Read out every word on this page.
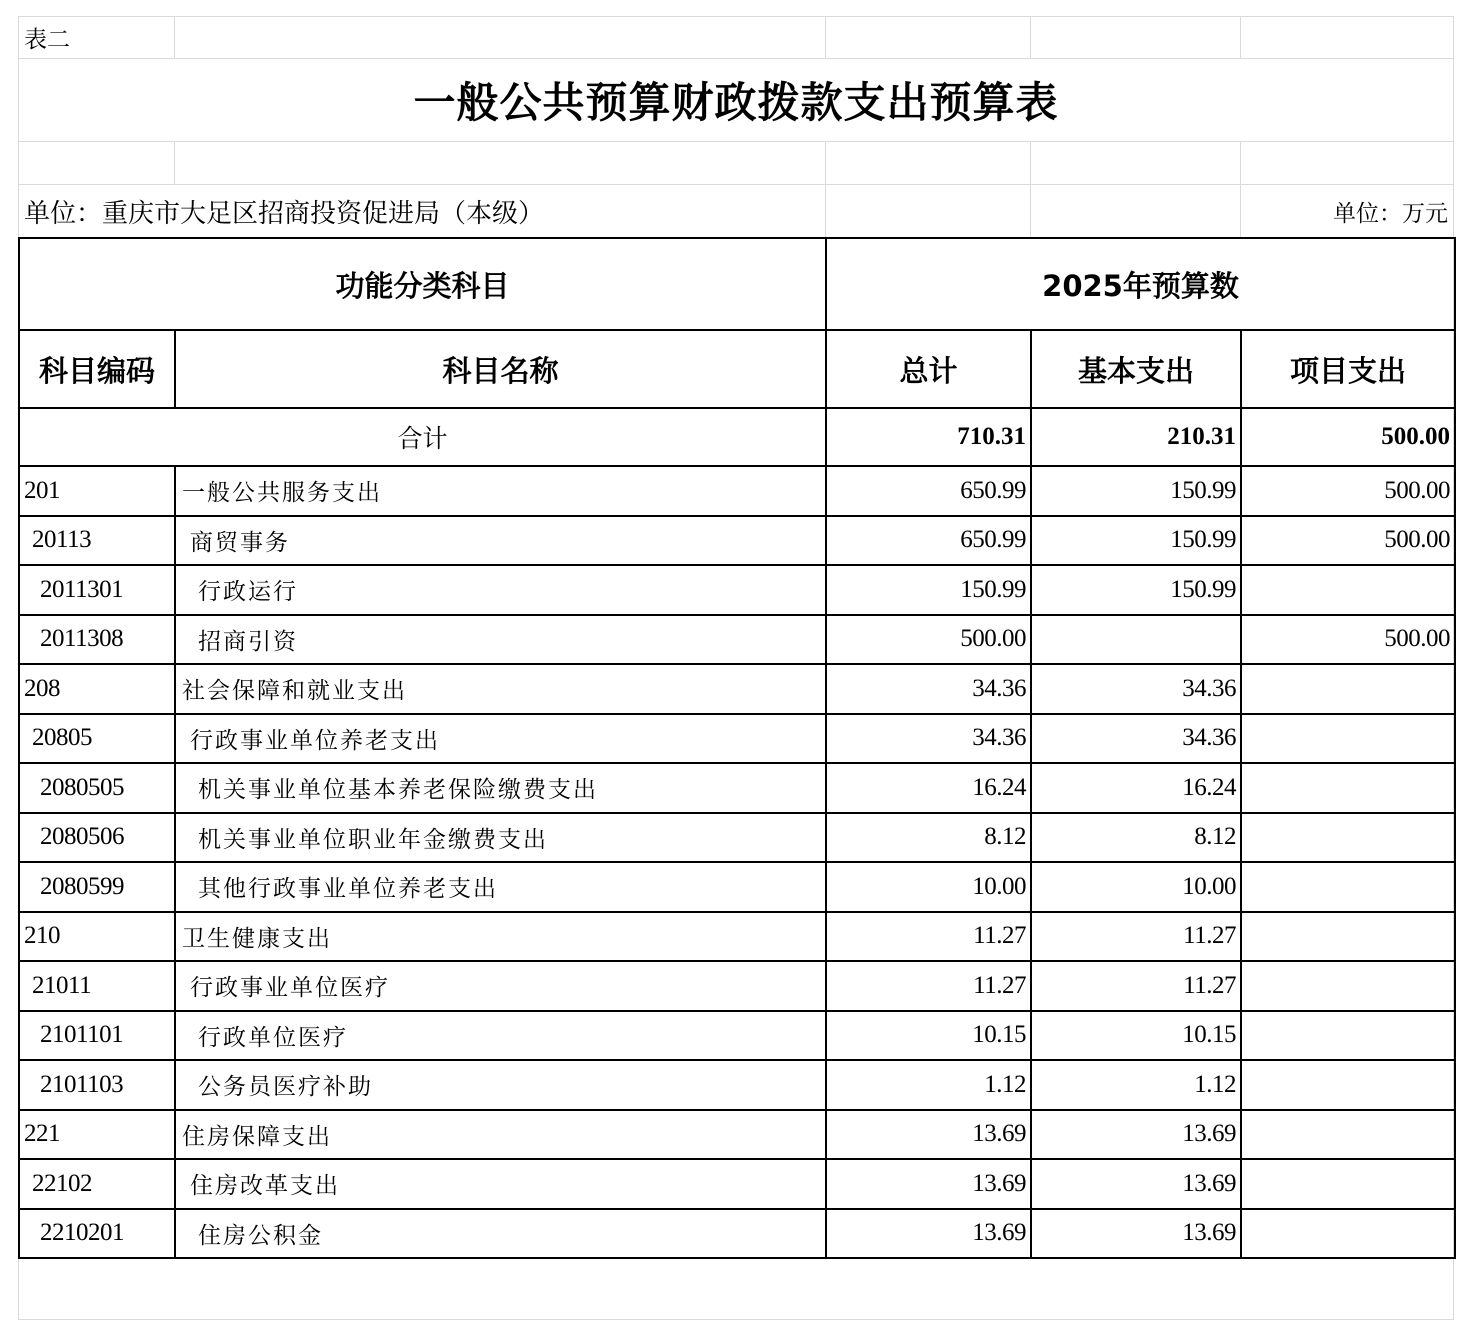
表二
一般公共预算财政拨款支出预算表
单位：重庆市大足区招商投资促进局（本级）	单位：万元
功能分类科目		2025年预算数		
科目编码	科目名称	总计	基本支出	项目支出
合计		710.31	210.31	500.00
201	一般公共服务支出	650.99	150.99	500.00
20113	商贸事务	650.99	150.99	500.00
2011301	行政运行	150.99	150.99	
2011308	招商引资	500.00		500.00
208	社会保障和就业支出	34.36	34.36	
20805	行政事业单位养老支出	34.36	34.36	
2080505	机关事业单位基本养老保险缴费支出	16.24	16.24	
2080506	机关事业单位职业年金缴费支出	8.12	8.12	
2080599	其他行政事业单位养老支出	10.00	10.00	
210	卫生健康支出	11.27	11.27	
21011	行政事业单位医疗	11.27	11.27	
2101101	行政单位医疗	10.15	10.15	
2101103	公务员医疗补助	1.12	1.12	
221	住房保障支出	13.69	13.69	
22102	住房改革支出	13.69	13.69	
2210201	住房公积金	13.69	13.69	
